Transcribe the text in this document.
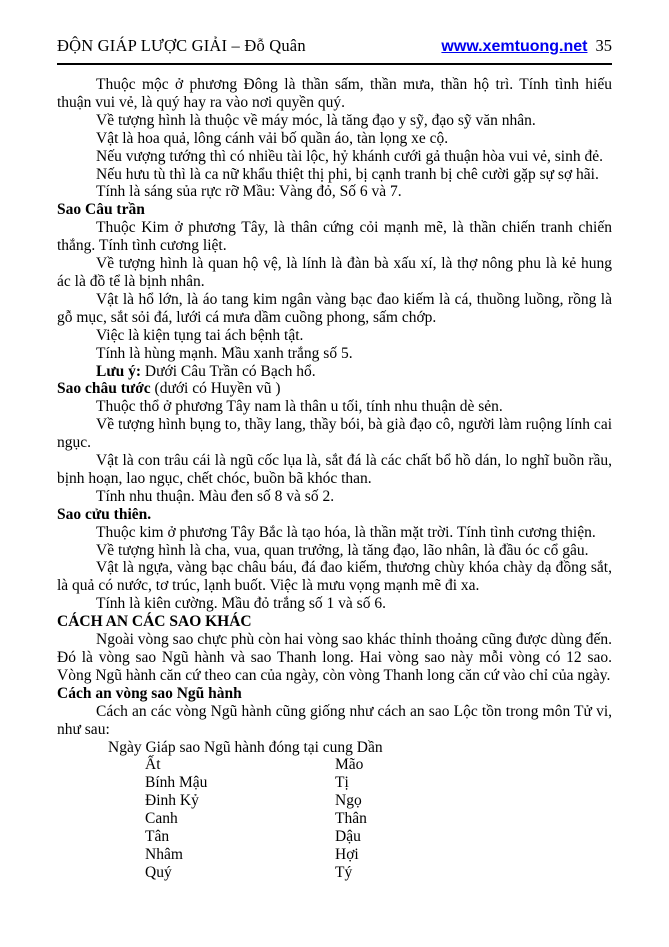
ĐỘN GIÁP LƯỢC GIẢI – Đỗ Quân	www.xemtuong.net 35

Thuộc mộc ở phương Đông là thần sấm, thần mưa, thần hộ trì. Tính tình hiếu thuận vui vẻ, là quý hay ra vào nơi quyền quý.

Về tượng hình là thuộc về máy móc, là tăng đạo y sỹ, đạo sỹ văn nhân.

Vật là hoa quả, lông cánh vải bố quần áo, tàn lọng xe cộ.

Nếu vượng tướng thì có nhiều tài lộc, hỷ khánh cưới gả thuận hòa vui vẻ, sinh đẻ.

Nếu hưu tù thì là ca nữ khẩu thiệt thị phi, bị cạnh tranh bị chê cười gặp sự sợ hãi.

Tính là sáng sủa rực rỡ Mầu: Vàng đỏ, Số 6 và 7.

Sao Câu trần

Thuộc Kim ở phương Tây, là thân cứng cỏi mạnh mẽ, là thần chiến tranh chiến thắng. Tính tình cương liệt.

Về tượng hình là quan hộ vệ, là lính là đàn bà xấu xí, là thợ nông phu là kẻ hung ác là đồ tể là bịnh nhân.

Vật là hổ lớn, là áo tang kim ngân vàng bạc đao kiếm là cá, thuồng luồng, rồng là gỗ mục, sắt sỏi đá, lưới cá mưa dầm cuồng phong, sấm chớp.

Việc là kiện tụng tai ách bệnh tật.

Tính là hùng mạnh. Mầu xanh trắng số 5.

Lưu ý: Dưới Câu Trần có Bạch hổ.

Sao châu tước (dưới có Huyền vũ )

Thuộc thổ ở phương Tây nam là thân u tối, tính nhu thuận dè sẻn.

Về tượng hình bụng to, thầy lang, thầy bói, bà già đạo cô, người làm ruộng lính cai ngục.

Vật là con trâu cái là ngũ cốc lụa là, sắt đá là các chất bổ hồ dán, lo nghĩ buồn rầu, bịnh hoạn, lao ngục, chết chóc, buồn bã khóc than.

Tính nhu thuận. Màu đen số 8 và số 2.

Sao cửu thiên.

Thuộc kim ở phương Tây Bắc là tạo hóa, là thần mặt trời. Tính tình cương thiện.

Về tượng hình là cha, vua, quan trưởng, là tăng đạo, lão nhân, là đầu óc cổ gâu.

Vật là ngựa, vàng bạc châu báu, đá đao kiếm, thương chùy khóa chày dạ đồng sắt, là quả có nước, tơ trúc, lạnh buốt. Việc là mưu vọng mạnh mẽ đi xa.

Tính là kiên cường. Mầu đỏ trắng số 1 và số 6.

CÁCH AN CÁC SAO KHÁC

Ngoài vòng sao chực phù còn hai vòng sao khác thỉnh thoảng cũng được dùng đến. Đó là vòng sao Ngũ hành và sao Thanh long. Hai vòng sao này mỗi vòng có 12 sao. Vòng Ngũ hành căn cứ theo can của ngày, còn vòng Thanh long căn cứ vào chỉ của ngày.

Cách an vòng sao Ngũ hành

Cách an các vòng Ngũ hành cũng giống như cách an sao Lộc tồn trong môn Tử vi, như sau:

Ngày Giáp sao Ngũ hành đóng tại cung Dần

Ất	Mão
Bính Mậu	Tị
Đinh Kỷ	Ngọ
Canh	Thân
Tân	Dậu
Nhâm	Hợi
Quý	Tý
